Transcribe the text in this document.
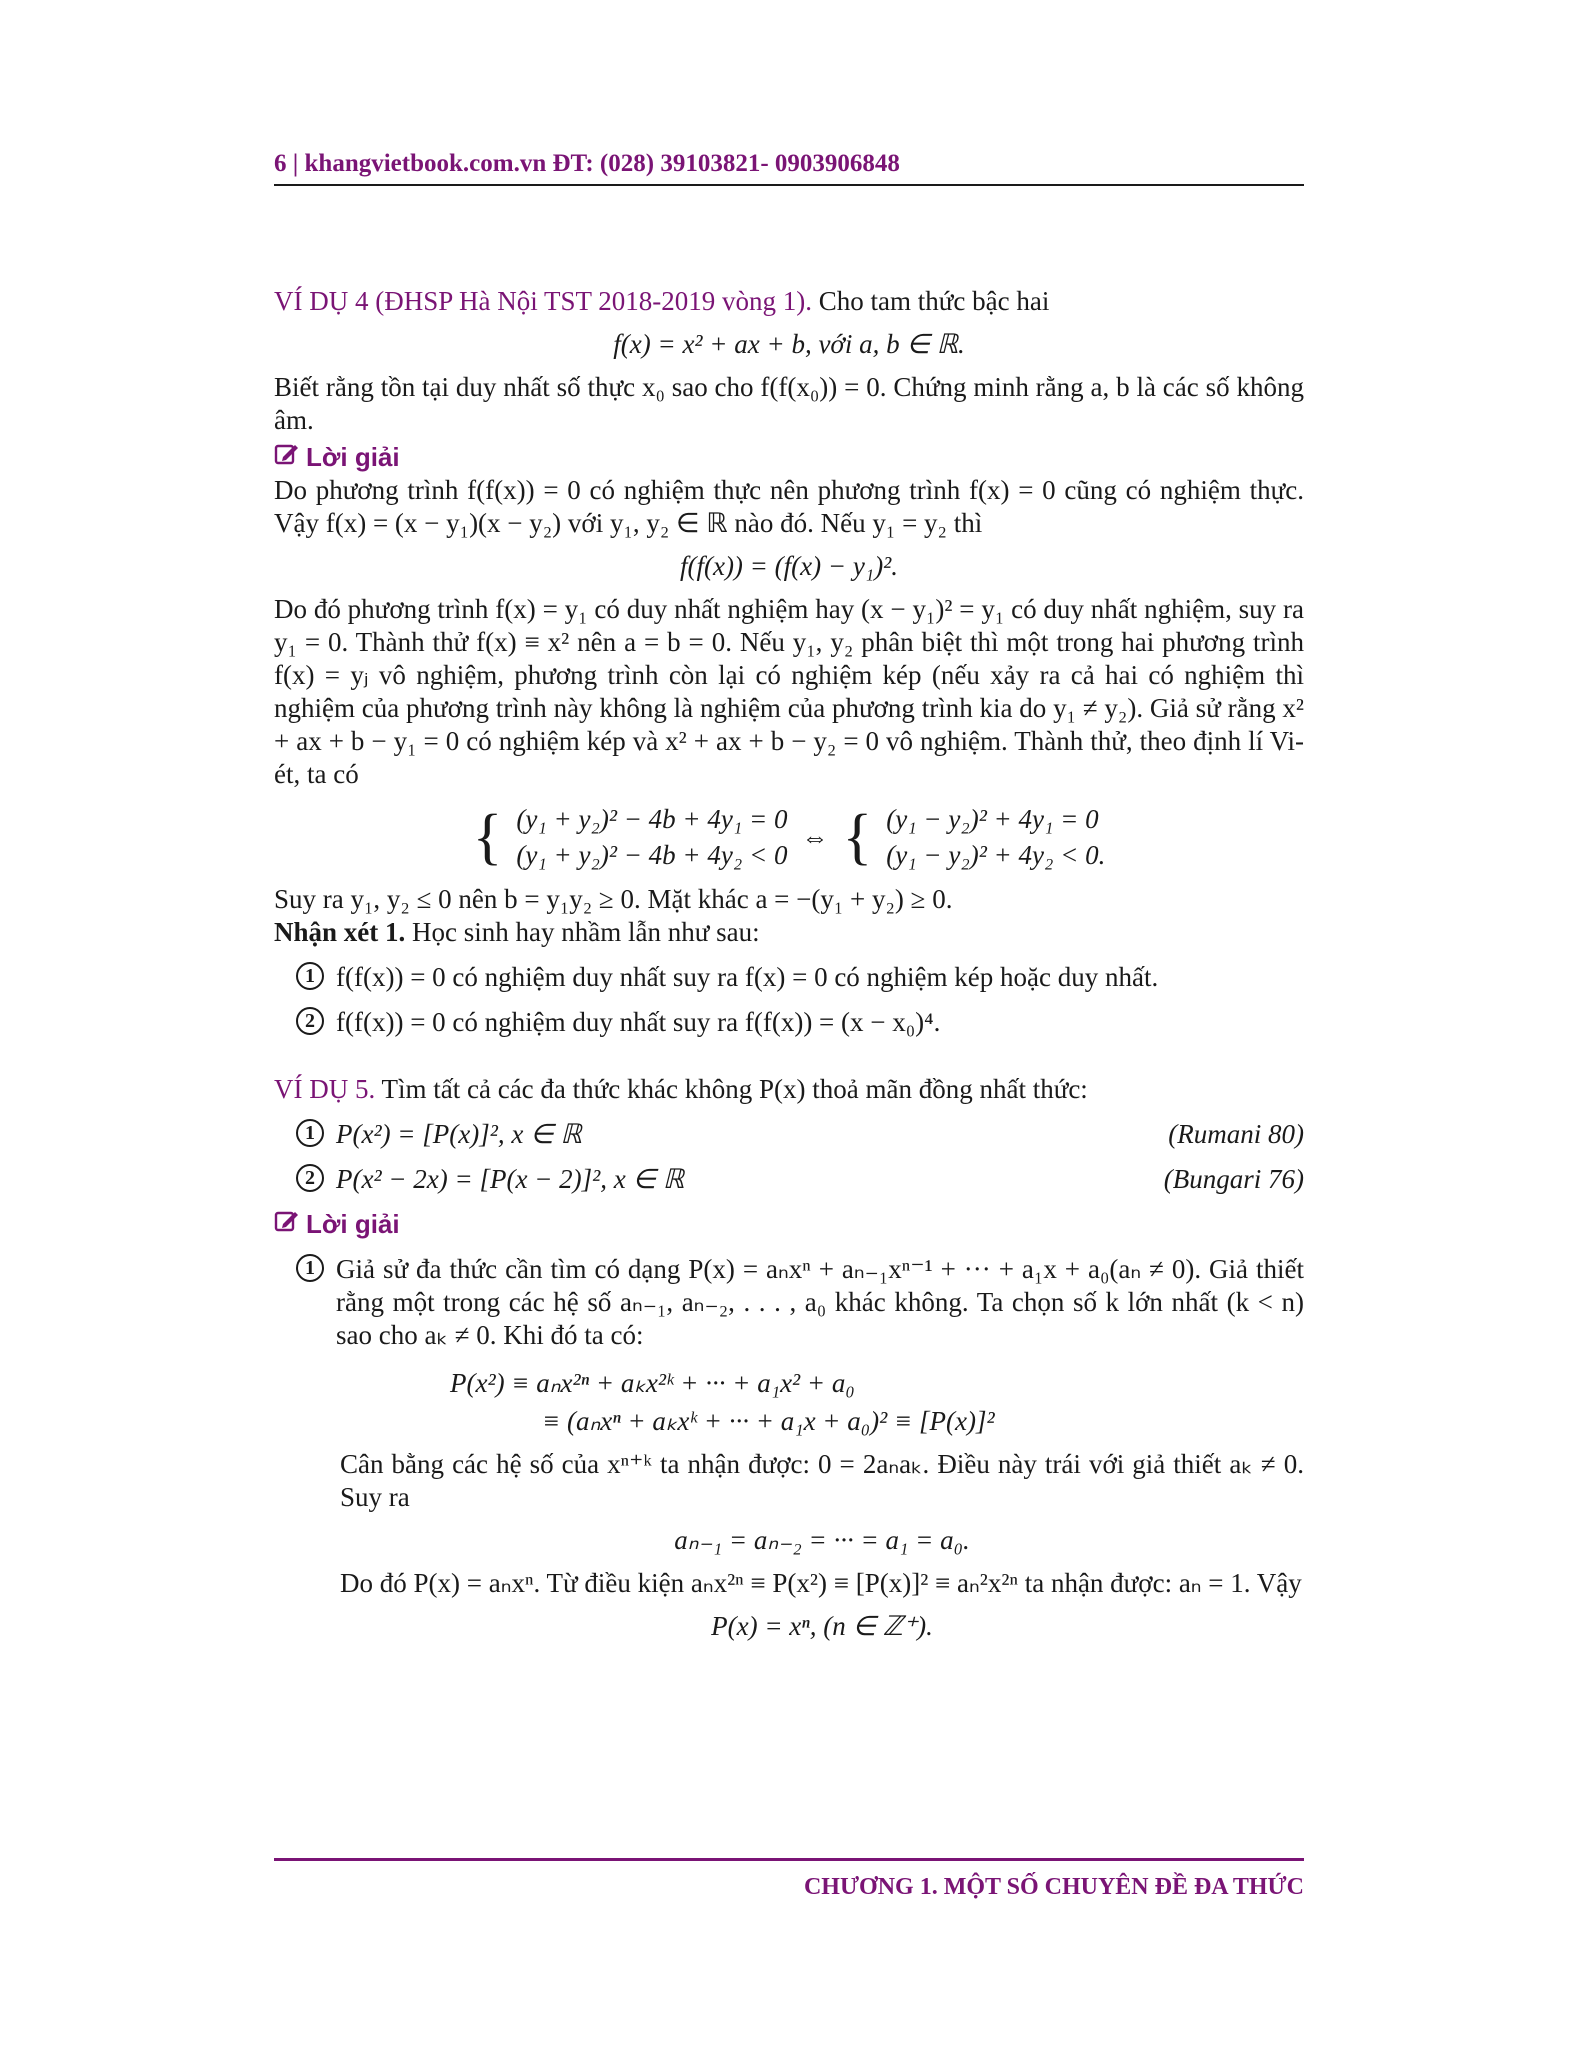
6 | khangvietbook.com.vn ĐT: (028) 39103821- 0903906848

VÍ DỤ 4 (ĐHSP Hà Nội TST 2018-2019 vòng 1). Cho tam thức bậc hai

f(x) = x² + ax + b, với a, b ∈ ℝ.

Biết rằng tồn tại duy nhất số thực x₀ sao cho f(f(x₀)) = 0. Chứng minh rằng a, b là các số không âm.

Lời giải

Do phương trình f(f(x)) = 0 có nghiệm thực nên phương trình f(x) = 0 cũng có nghiệm thực. Vậy f(x) = (x − y₁)(x − y₂) với y₁, y₂ ∈ ℝ nào đó. Nếu y₁ = y₂ thì

f(f(x)) = (f(x) − y₁)².

Do đó phương trình f(x) = y₁ có duy nhất nghiệm hay (x − y₁)² = y₁ có duy nhất nghiệm, suy ra y₁ = 0. Thành thử f(x) ≡ x² nên a = b = 0. Nếu y₁, y₂ phân biệt thì một trong hai phương trình f(x) = yⱼ vô nghiệm, phương trình còn lại có nghiệm kép (nếu xảy ra cả hai có nghiệm thì nghiệm của phương trình này không là nghiệm của phương trình kia do y₁ ≠ y₂). Giả sử rằng x² + ax + b − y₁ = 0 có nghiệm kép và x² + ax + b − y₂ = 0 vô nghiệm. Thành thử, theo định lí Vi-ét, ta có

{ (y₁ + y₂)² − 4b + 4y₁ = 0
(y₁ + y₂)² − 4b + 4y₂ < 0
⇔ { (y₁ − y₂)² + 4y₁ = 0
(y₁ − y₂)² + 4y₂ < 0.

Suy ra y₁, y₂ ≤ 0 nên b = y₁y₂ ≥ 0. Mặt khác a = −(y₁ + y₂) ≥ 0.

Nhận xét 1. Học sinh hay nhầm lẫn như sau:

1 f(f(x)) = 0 có nghiệm duy nhất suy ra f(x) = 0 có nghiệm kép hoặc duy nhất.
2 f(f(x)) = 0 có nghiệm duy nhất suy ra f(f(x)) = (x − x₀)⁴.

VÍ DỤ 5. Tìm tất cả các đa thức khác không P(x) thoả mãn đồng nhất thức:

1 P(x²) = [P(x)]², x ∈ ℝ	(Rumani 80)
2 P(x² − 2x) = [P(x − 2)]², x ∈ ℝ	(Bungari 76)
Lời giải
1 Giả sử đa thức cần tìm có dạng P(x) = aₙxⁿ + aₙ₋₁xⁿ⁻¹ + ··· + a₁x + a₀(aₙ ≠ 0). Giả thiết rằng một trong các hệ số aₙ₋₁, aₙ₋₂, . . . , a₀ khác không. Ta chọn số k lớn nhất (k < n) sao cho aₖ ≠ 0. Khi đó ta có:

P(x²) ≡ aₙx²ⁿ + aₖx²ᵏ + ··· + a₁x² + a₀
≡ (aₙxⁿ + aₖxᵏ + ··· + a₁x + a₀)² ≡ [P(x)]²

Cân bằng các hệ số của xⁿ⁺ᵏ ta nhận được: 0 = 2aₙaₖ. Điều này trái với giả thiết aₖ ≠ 0. Suy ra

aₙ₋₁ = aₙ₋₂ = ··· = a₁ = a₀.

Do đó P(x) = aₙxⁿ. Từ điều kiện aₙx²ⁿ ≡ P(x²) ≡ [P(x)]² ≡ aₙ²x²ⁿ ta nhận được: aₙ = 1. Vậy

P(x) = xⁿ, (n ∈ ℤ⁺).
CHƯƠNG 1. MỘT SỐ CHUYÊN ĐỀ ĐA THỨC
